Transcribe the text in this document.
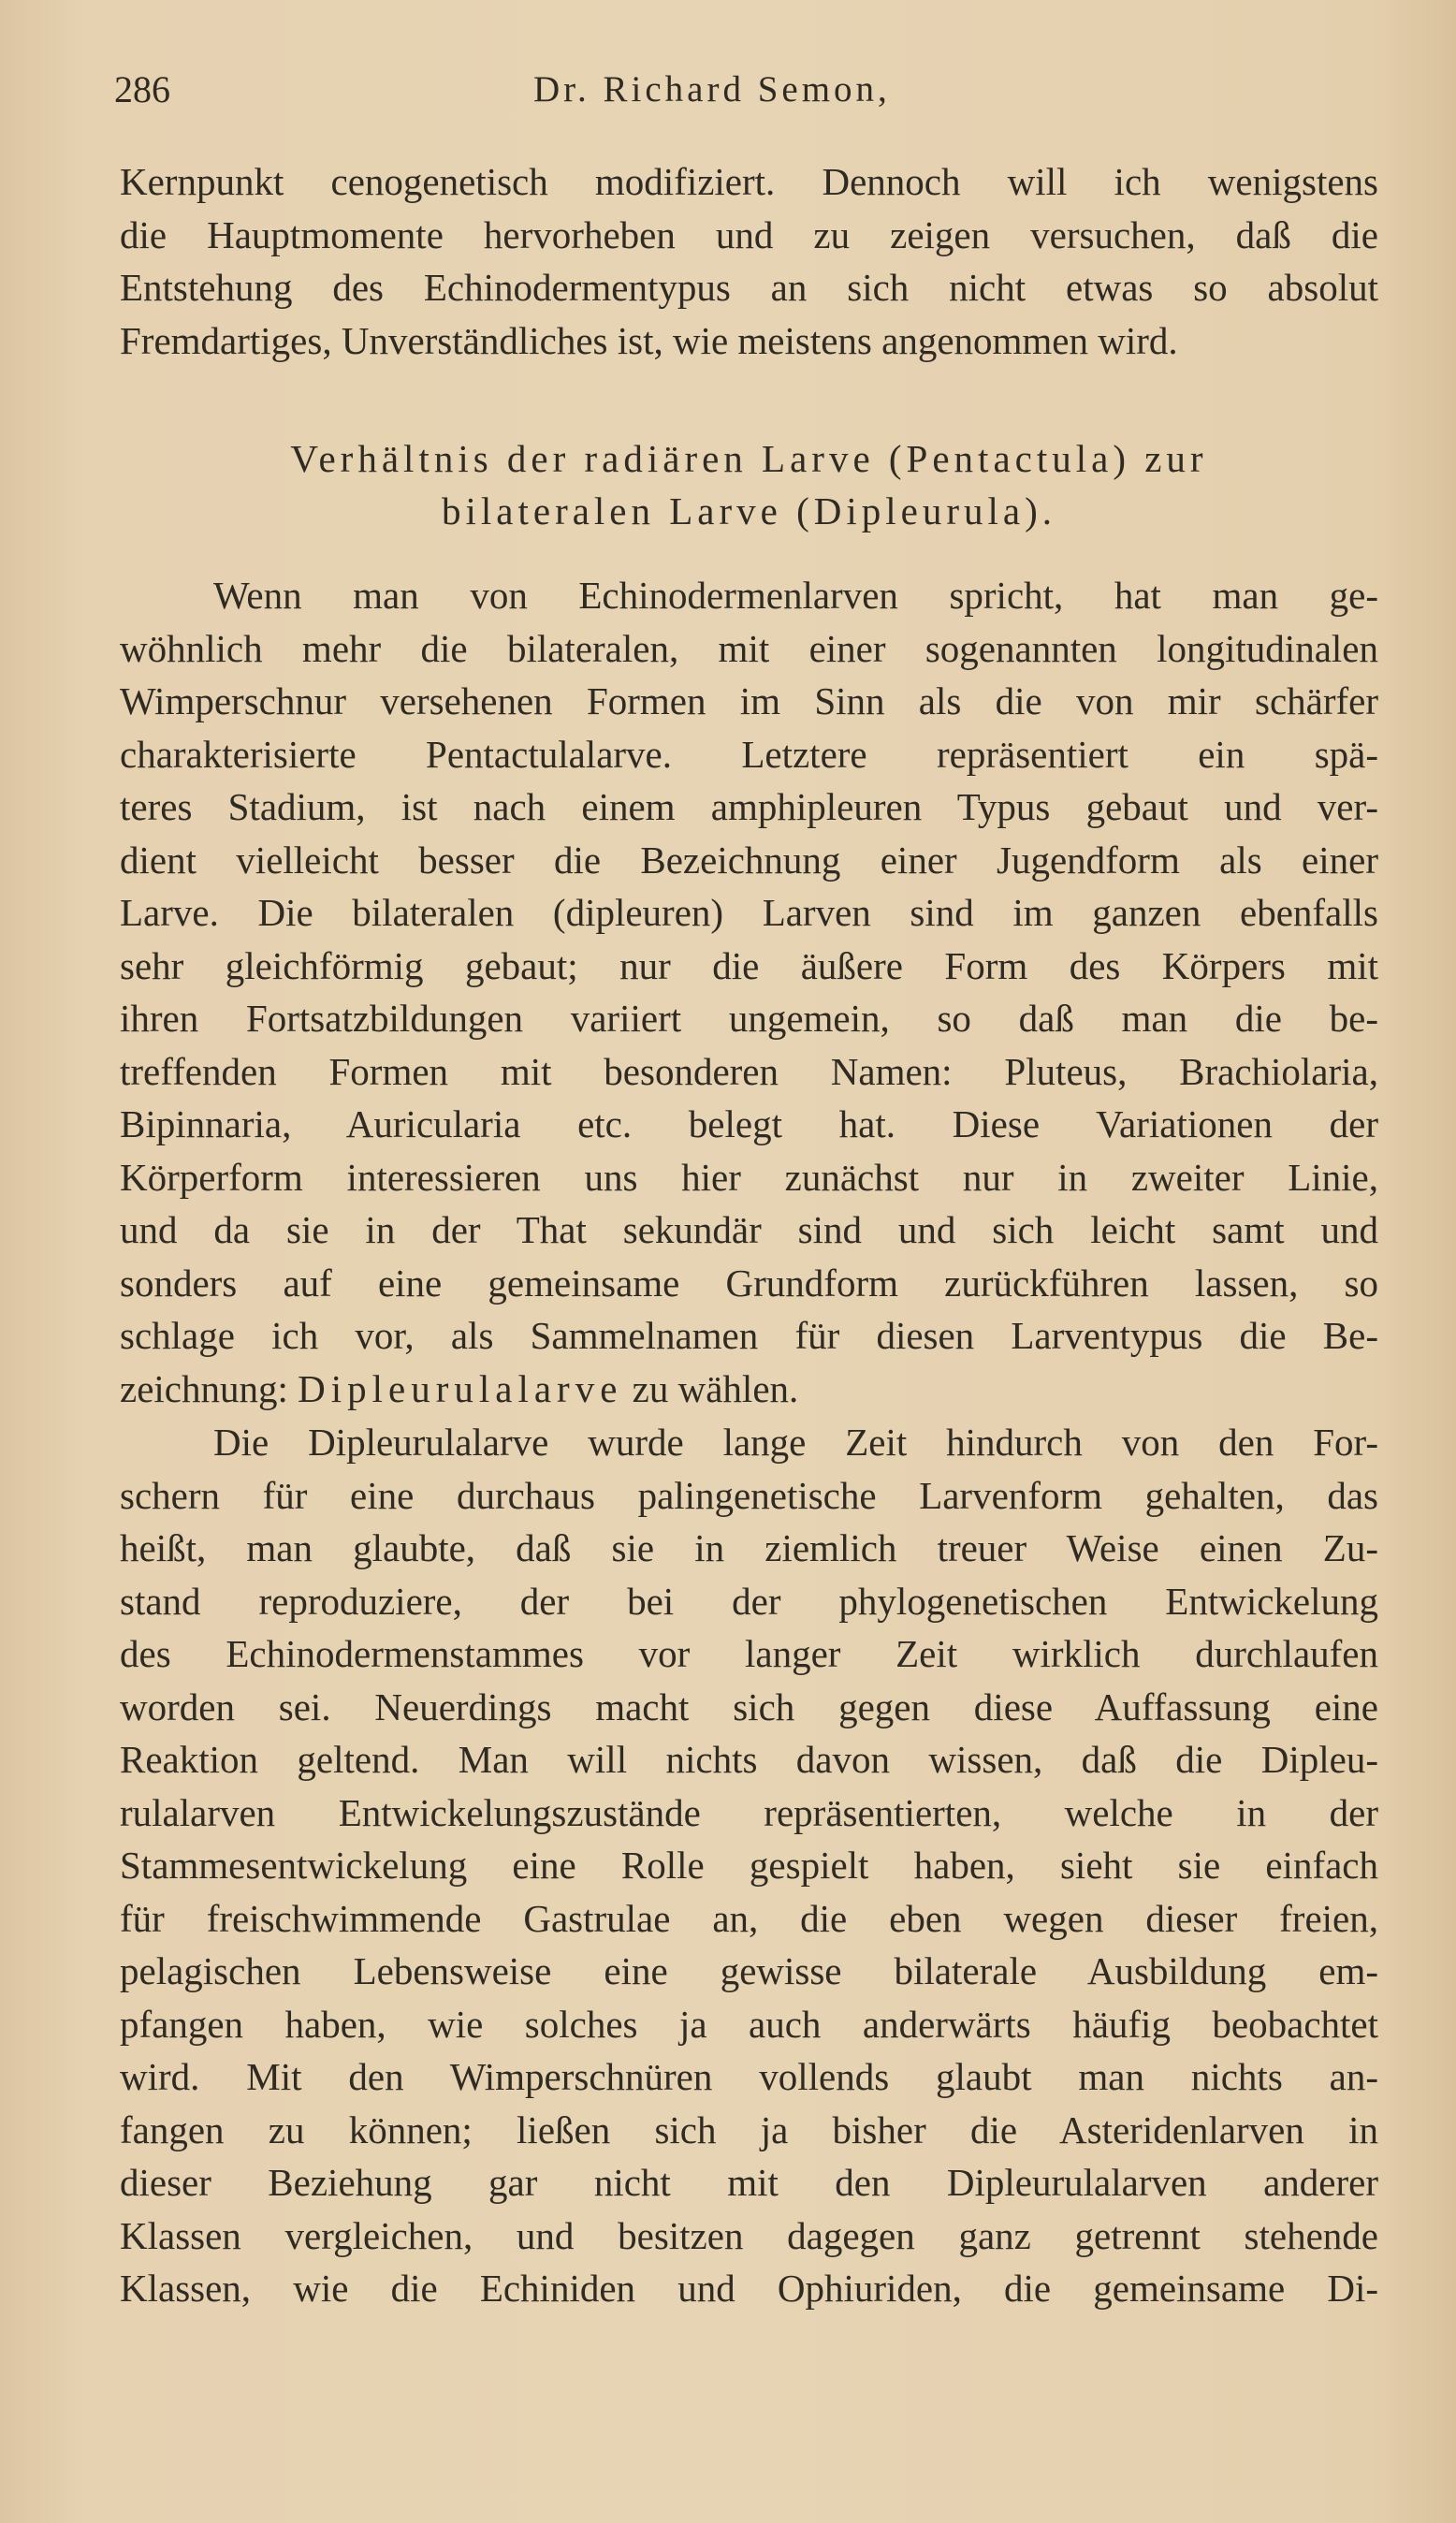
286	Dr. Richard Semon,
Kernpunkt cenogenetisch modifiziert. Dennoch will ich wenigstens
die Hauptmomente hervorheben und zu zeigen versuchen, daß die
Entstehung des Echinodermentypus an sich nicht etwas so absolut
Fremdartiges, Unverständliches ist, wie meistens angenommen wird.
Verhältnis der radiären Larve (Pentactula) zur
bilateralen Larve (Dipleurula).
Wenn man von Echinodermenlarven spricht, hat man ge-
wöhnlich mehr die bilateralen, mit einer sogenannten longitudinalen
Wimperschnur versehenen Formen im Sinn als die von mir schärfer
charakterisierte Pentactulalarve. Letztere repräsentiert ein spä-
teres Stadium, ist nach einem amphipleuren Typus gebaut und ver-
dient vielleicht besser die Bezeichnung einer Jugendform als einer
Larve. Die bilateralen (dipleuren) Larven sind im ganzen ebenfalls
sehr gleichförmig gebaut; nur die äußere Form des Körpers mit
ihren Fortsatzbildungen variiert ungemein, so daß man die be-
treffenden Formen mit besonderen Namen: Pluteus, Brachiolaria,
Bipinnaria, Auricularia etc. belegt hat. Diese Variationen der
Körperform interessieren uns hier zunächst nur in zweiter Linie,
und da sie in der That sekundär sind und sich leicht samt und
sonders auf eine gemeinsame Grundform zurückführen lassen, so
schlage ich vor, als Sammelnamen für diesen Larventypus die Be-
zeichnung: Dipleurulalarve zu wählen.
Die Dipleurulalarve wurde lange Zeit hindurch von den For-
schern für eine durchaus palingenetische Larvenform gehalten, das
heißt, man glaubte, daß sie in ziemlich treuer Weise einen Zu-
stand reproduziere, der bei der phylogenetischen Entwickelung
des Echinodermenstammes vor langer Zeit wirklich durchlaufen
worden sei. Neuerdings macht sich gegen diese Auffassung eine
Reaktion geltend. Man will nichts davon wissen, daß die Dipleu-
rulalarven Entwickelungszustände repräsentierten, welche in der
Stammesentwickelung eine Rolle gespielt haben, sieht sie einfach
für freischwimmende Gastrulae an, die eben wegen dieser freien,
pelagischen Lebensweise eine gewisse bilaterale Ausbildung em-
pfangen haben, wie solches ja auch anderwärts häufig beobachtet
wird. Mit den Wimperschnüren vollends glaubt man nichts an-
fangen zu können; ließen sich ja bisher die Asteridenlarven in
dieser Beziehung gar nicht mit den Dipleurulalarven anderer
Klassen vergleichen, und besitzen dagegen ganz getrennt stehende
Klassen, wie die Echiniden und Ophiuriden, die gemeinsame Di-
